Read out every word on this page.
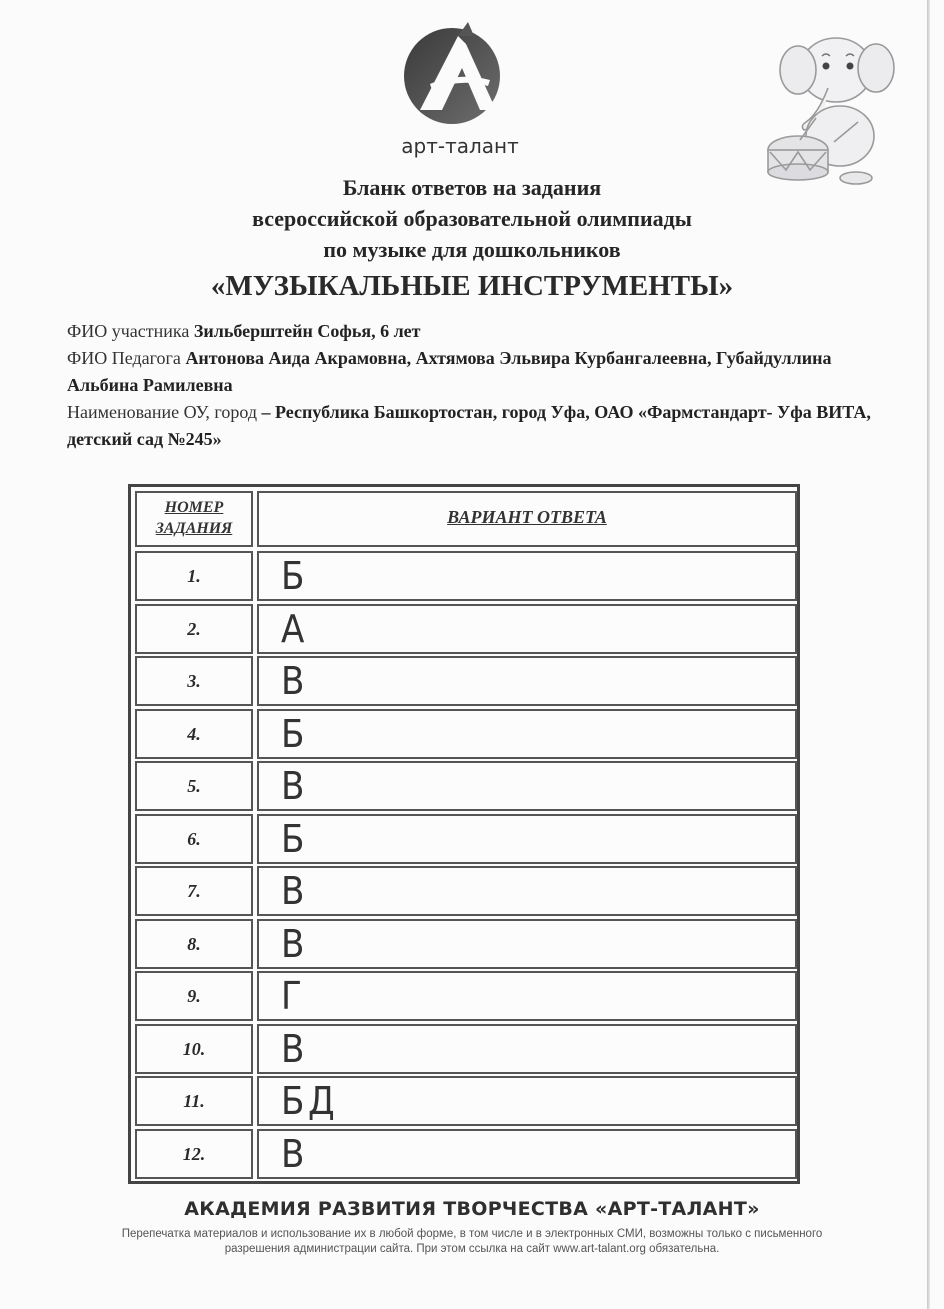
арт-талант
Бланк ответов на задания
всероссийской образовательной олимпиады
по музыке для дошкольников
«МУЗЫКАЛЬНЫЕ ИНСТРУМЕНТЫ»
ФИО участника Зильберштейн Софья, 6 лет
ФИО Педагога Антонова Аида Акрамовна, Ахтямова Эльвира Курбангалеевна, Губайдуллина Альбина Рамилевна
Наименование ОУ, город – Республика Башкортостан, город Уфа, ОАО «Фармстандарт- Уфа ВИТА, детский сад №245»
НОМЕР ЗАДАНИЯ
ВАРИАНТ ОТВЕТА
1.	Б
2.	А
3.	В
4.	Б
5.	В
6.	Б
7.	В
8.	В
9.	Г
10.	В
11.	БД
12.	В
АКАДЕМИЯ РАЗВИТИЯ ТВОРЧЕСТВА «АРТ-ТАЛАНТ»
Перепечатка материалов и использование их в любой форме, в том числе и в электронных СМИ, возможны только с письменного разрешения администрации сайта. При этом ссылка на сайт www.art-talant.org обязательна.
